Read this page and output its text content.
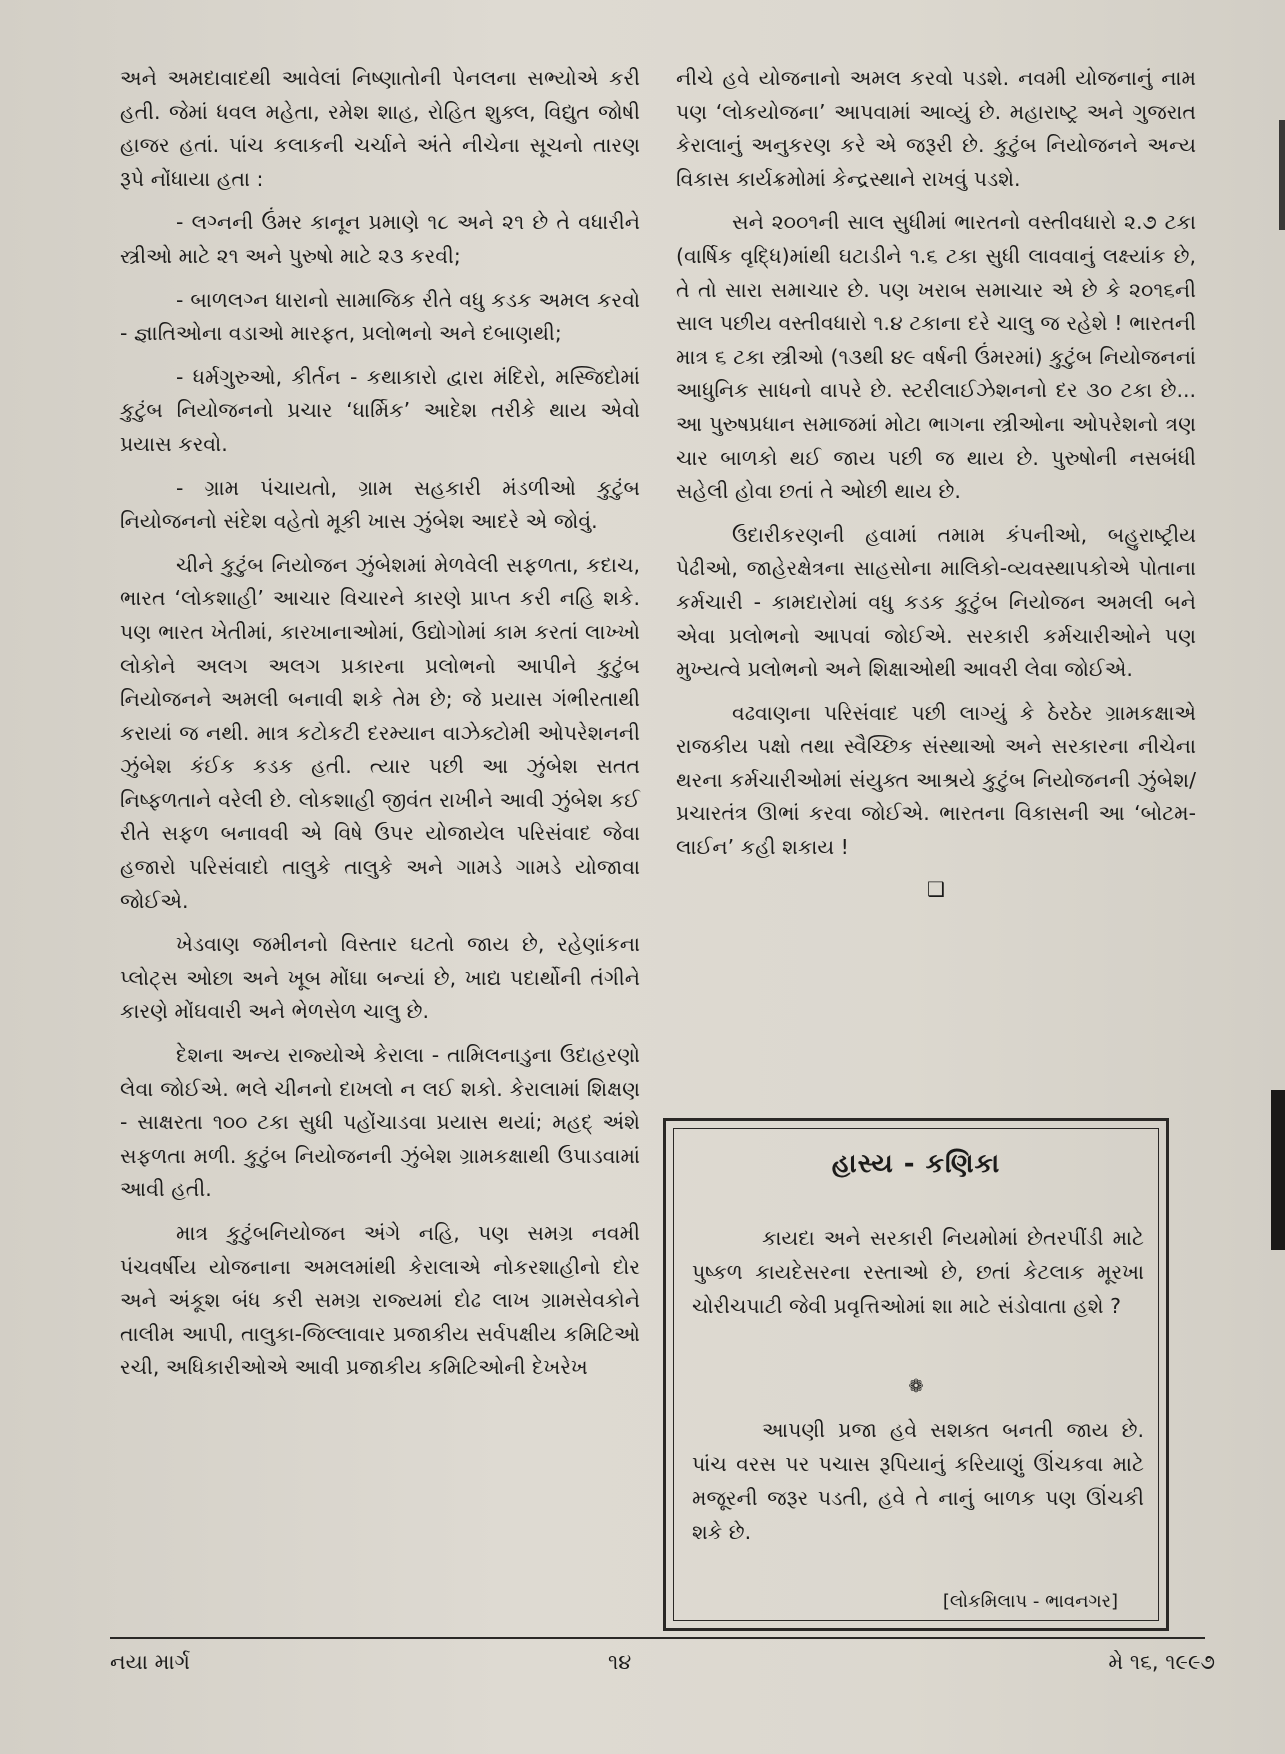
અને અમદાવાદથી આવેલાં નિષ્ણાતોની પેનલના સભ્યોએ કરી હતી. જેમાં ધવલ મહેતા, રમેશ શાહ, રોહિત શુક્લ, વિદ્યુત જોષી હાજર હતાં. પાંચ કલાકની ચર્ચાને અંતે નીચેના સૂચનો તારણ રૂપે નોંધાયા હતા :

- લગ્નની ઉંમર કાનૂન પ્રમાણે ૧૮ અને ૨૧ છે તે વધારીને સ્ત્રીઓ માટે ૨૧ અને પુરુષો માટે ૨૩ કરવી;

- બાળલગ્ન ધારાનો સામાજિક રીતે વધુ કડક અમલ કરવો - જ્ઞાતિઓના વડાઓ મારફત, પ્રલોભનો અને દબાણથી;

- ધર્મગુરુઓ, કીર્તન - કથાકારો દ્વારા મંદિરો, મસ્જિદોમાં કુટુંબ નિયોજનનો પ્રચાર ‘ધાર્મિક’ આદેશ તરીકે થાય એવો પ્રયાસ કરવો.

- ગ્રામ પંચાયતો, ગ્રામ સહકારી મંડળીઓ કુટુંબ નિયોજનનો સંદેશ વહેતો મૂકી ખાસ ઝુંબેશ આદરે એ જોવું.

ચીને કુટુંબ નિયોજન ઝુંબેશમાં મેળવેલી સફળતા, કદાચ, ભારત ‘લોકશાહી’ આચાર વિચારને કારણે પ્રાપ્ત કરી નહિ શકે. પણ ભારત ખેતીમાં, કારખાનાઓમાં, ઉદ્યોગોમાં કામ કરતાં લાખ્ખો લોકોને અલગ અલગ પ્રકારના પ્રલોભનો આપીને કુટુંબ નિયોજનને અમલી બનાવી શકે તેમ છે; જે પ્રયાસ ગંભીરતાથી કરાયાં જ નથી. માત્ર કટોકટી દરમ્યાન વાઝેક્ટોમી ઓપરેશનની ઝુંબેશ કંઈક કડક હતી. ત્યાર પછી આ ઝુંબેશ સતત નિષ્ફળતાને વરેલી છે. લોકશાહી જીવંત રાખીને આવી ઝુંબેશ કઈ રીતે સફળ બનાવવી એ વિષે ઉપર યોજાયેલ પરિસંવાદ જેવા હજારો પરિસંવાદો તાલુકે તાલુકે અને ગામડે ગામડે યોજાવા જોઈએ.

ખેડવાણ જમીનનો વિસ્તાર ઘટતો જાય છે, રહેણાંકના પ્લોટ્સ ઓછા અને ખૂબ મોંઘા બન્યાં છે, ખાદ્ય પદાર્થોની તંગીને કારણે મોંઘવારી અને ભેળસેળ ચાલુ છે.

દેશના અન્ય રાજ્યોએ કેરાલા - તામિલનાડુના ઉદાહરણો લેવા જોઈએ. ભલે ચીનનો દાખલો ન લઈ શકો. કેરાલામાં શિક્ષણ - સાક્ષરતા ૧૦૦ ટકા સુધી પહોંચાડવા પ્રયાસ થયાં; મહદ્ અંશે સફળતા મળી. કુટુંબ નિયોજનની ઝુંબેશ ગ્રામકક્ષાથી ઉપાડવામાં આવી હતી.

માત્ર કુટુંબનિયોજન અંગે નહિ, પણ સમગ્ર નવમી પંચવર્ષીય યોજનાના અમલમાંથી કેરાલાએ નોકરશાહીનો દોર અને અંકૂશ બંધ કરી સમગ્ર રાજ્યમાં દોઢ લાખ ગ્રામસેવકોને તાલીમ આપી, તાલુકા-જિલ્લાવાર પ્રજાકીય સર્વપક્ષીય કમિટિઓ રચી, અધિકારીઓએ આવી પ્રજાકીય કમિટિઓની દેખરેખ

નીચે હવે યોજનાનો અમલ કરવો પડશે. નવમી યોજનાનું નામ પણ ‘લોકયોજના’ આપવામાં આવ્યું છે. મહારાષ્ટ્ર અને ગુજરાત કેરાલાનું અનુકરણ કરે એ જરૂરી છે. કુટુંબ નિયોજનને અન્ય વિકાસ કાર્યક્રમોમાં કેન્દ્રસ્થાને રાખવું પડશે.

સને ૨૦૦૧ની સાલ સુધીમાં ભારતનો વસ્તીવધારો ૨.૭ ટકા (વાર્ષિક વૃદ્ધિ)માંથી ઘટાડીને ૧.૬ ટકા સુધી લાવવાનું લક્ષ્યાંક છે, તે તો સારા સમાચાર છે. પણ ખરાબ સમાચાર એ છે કે ૨૦૧૬ની સાલ પછીય વસ્તીવધારો ૧.૪ ટકાના દરે ચાલુ જ રહેશે ! ભારતની માત્ર ૬ ટકા સ્ત્રીઓ (૧૩થી ૪૯ વર્ષની ઉંમરમાં) કુટુંબ નિયોજનનાં આધુનિક સાધનો વાપરે છે. સ્ટરીલાઈઝેશનનો દર ૩૦ ટકા છે... આ પુરુષપ્રધાન સમાજમાં મોટા ભાગના સ્ત્રીઓના ઓપરેશનો ત્રણ ચાર બાળકો થઈ જાય પછી જ થાય છે. પુરુષોની નસબંધી સહેલી હોવા છતાં તે ઓછી થાય છે.

ઉદારીકરણની હવામાં તમામ કંપનીઓ, બહુરાષ્ટ્રીય પેઢીઓ, જાહેરક્ષેત્રના સાહસોના માલિકો-વ્યવસ્થાપકોએ પોતાના કર્મચારી - કામદારોમાં વધુ કડક કુટુંબ નિયોજન અમલી બને એવા પ્રલોભનો આપવાં જોઈએ. સરકારી કર્મચારીઓને પણ મુખ્યત્વે પ્રલોભનો અને શિક્ષાઓથી આવરી લેવા જોઈએ.

વઢવાણના પરિસંવાદ પછી લાગ્યું કે ઠેરઠેર ગ્રામકક્ષાએ રાજકીય પક્ષો તથા સ્વૈચ્છિક સંસ્થાઓ અને સરકારના નીચેના થરના કર્મચારીઓમાં સંયુક્ત આશ્રયે કુટુંબ નિયોજનની ઝુંબેશ/ પ્રચારતંત્ર ઊભાં કરવા જોઈએ. ભારતના વિકાસની આ ‘બોટમ-લાઈન’ કહી શકાય !

❑
હાસ્ય - કણિકા

કાયદા અને સરકારી નિયમોમાં છેતરપીંડી માટે પુષ્કળ કાયદેસરના રસ્તાઓ છે, છતાં કેટલાક મૂરખા ચોરીચપાટી જેવી પ્રવૃત્તિઓમાં શા માટે સંડોવાતા હશે ?

❁

આપણી પ્રજા હવે સશક્ત બનતી જાય છે. પાંચ વરસ પર પચાસ રૂપિયાનું કરિયાણું ઊંચકવા માટે મજૂરની જરૂર પડતી, હવે તે નાનું બાળક પણ ઊંચકી શકે છે.

[લોકમિલાપ - ભાવનગર]
નયા માર્ગ	૧૪	મે ૧૬, ૧૯૯૭
